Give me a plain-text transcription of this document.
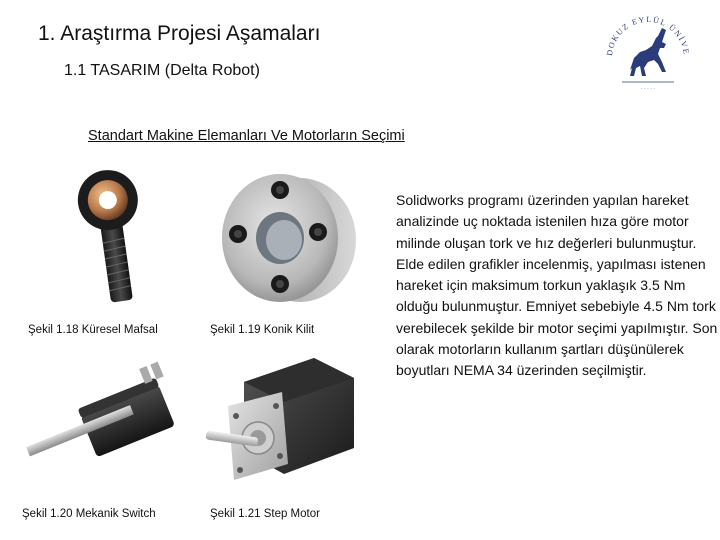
1. Araştırma Projesi Aşamaları
1.1 TASARIM (Delta Robot)
DOKUZ EYLÜL ÜNİVE
· · · · ·
Standart Makine Elemanları Ve Motorların Seçimi
Şekil 1.18 Küresel Mafsal	Şekil 1.19 Konik Kilit
Şekil 1.20 Mekanik Switch	Şekil 1.21 Step Motor
Solidworks programı üzerinden yapılan hareket analizinde uç noktada istenilen hıza göre motor milinde oluşan tork ve hız değerleri bulunmuştur. Elde edilen grafikler incelenmiş, yapılması istenen hareket için maksimum torkun yaklaşık 3.5 Nm olduğu bulunmuştur. Emniyet sebebiyle 4.5 Nm tork verebilecek şekilde bir motor seçimi yapılmıştır. Son olarak motorların kullanım şartları düşünülerek boyutları NEMA 34 üzerinden seçilmiştir.
